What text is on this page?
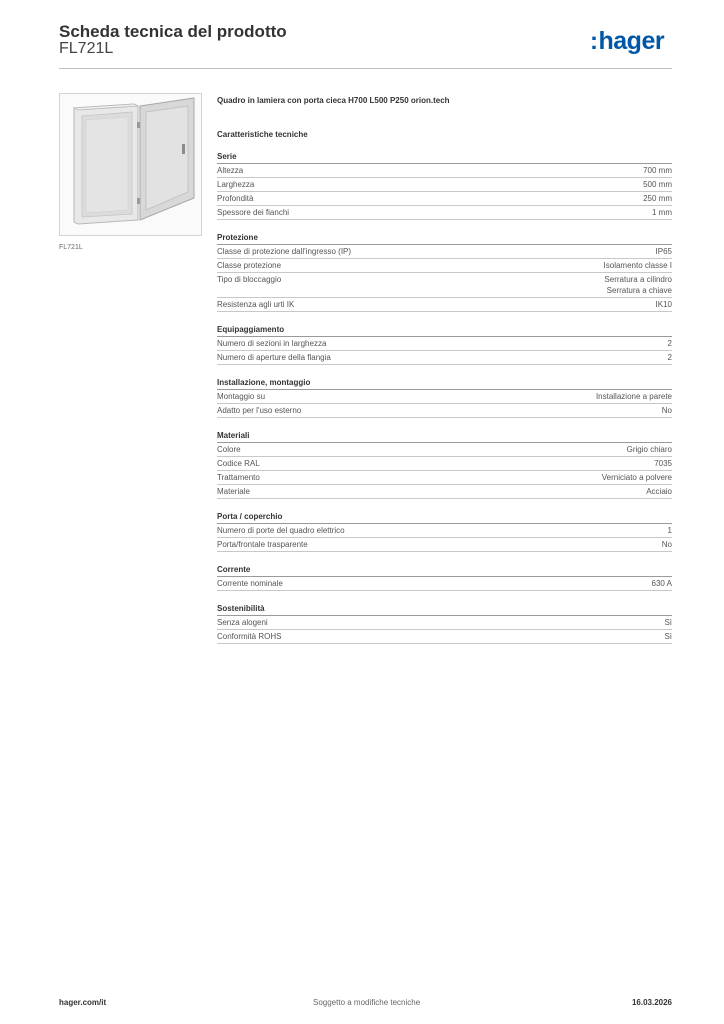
Scheda tecnica del prodotto
FL721L	:hager
FL721L
Quadro in lamiera con porta cieca H700 L500 P250 orion.tech
Caratteristiche tecniche
Serie
Altezza	700 mm
Larghezza	500 mm
Profondità	250 mm
Spessore dei fianchi	1 mm
Protezione
Classe di protezione dall'ingresso (IP)	IP65
Classe protezione	Isolamento classe I
Tipo di bloccaggio	Serratura a cilindro
Serratura a chiave
Resistenza agli urti IK	IK10
Equipaggiamento
Numero di sezioni in larghezza	2
Numero di aperture della flangia	2
Installazione, montaggio
Montaggio su	Installazione a parete
Adatto per l'uso esterno	No
Materiali
Colore	Grigio chiaro
Codice RAL	7035
Trattamento	Verniciato a polvere
Materiale	Acciaio
Porta / coperchio
Numero di porte del quadro elettrico	1
Porta/frontale trasparente	No
Corrente
Corrente nominale	630 A
Sostenibilità
Senza alogeni	Sì
Conformità ROHS	Sì
hager.com/it	Soggetto a modifiche tecniche	16.03.2026
